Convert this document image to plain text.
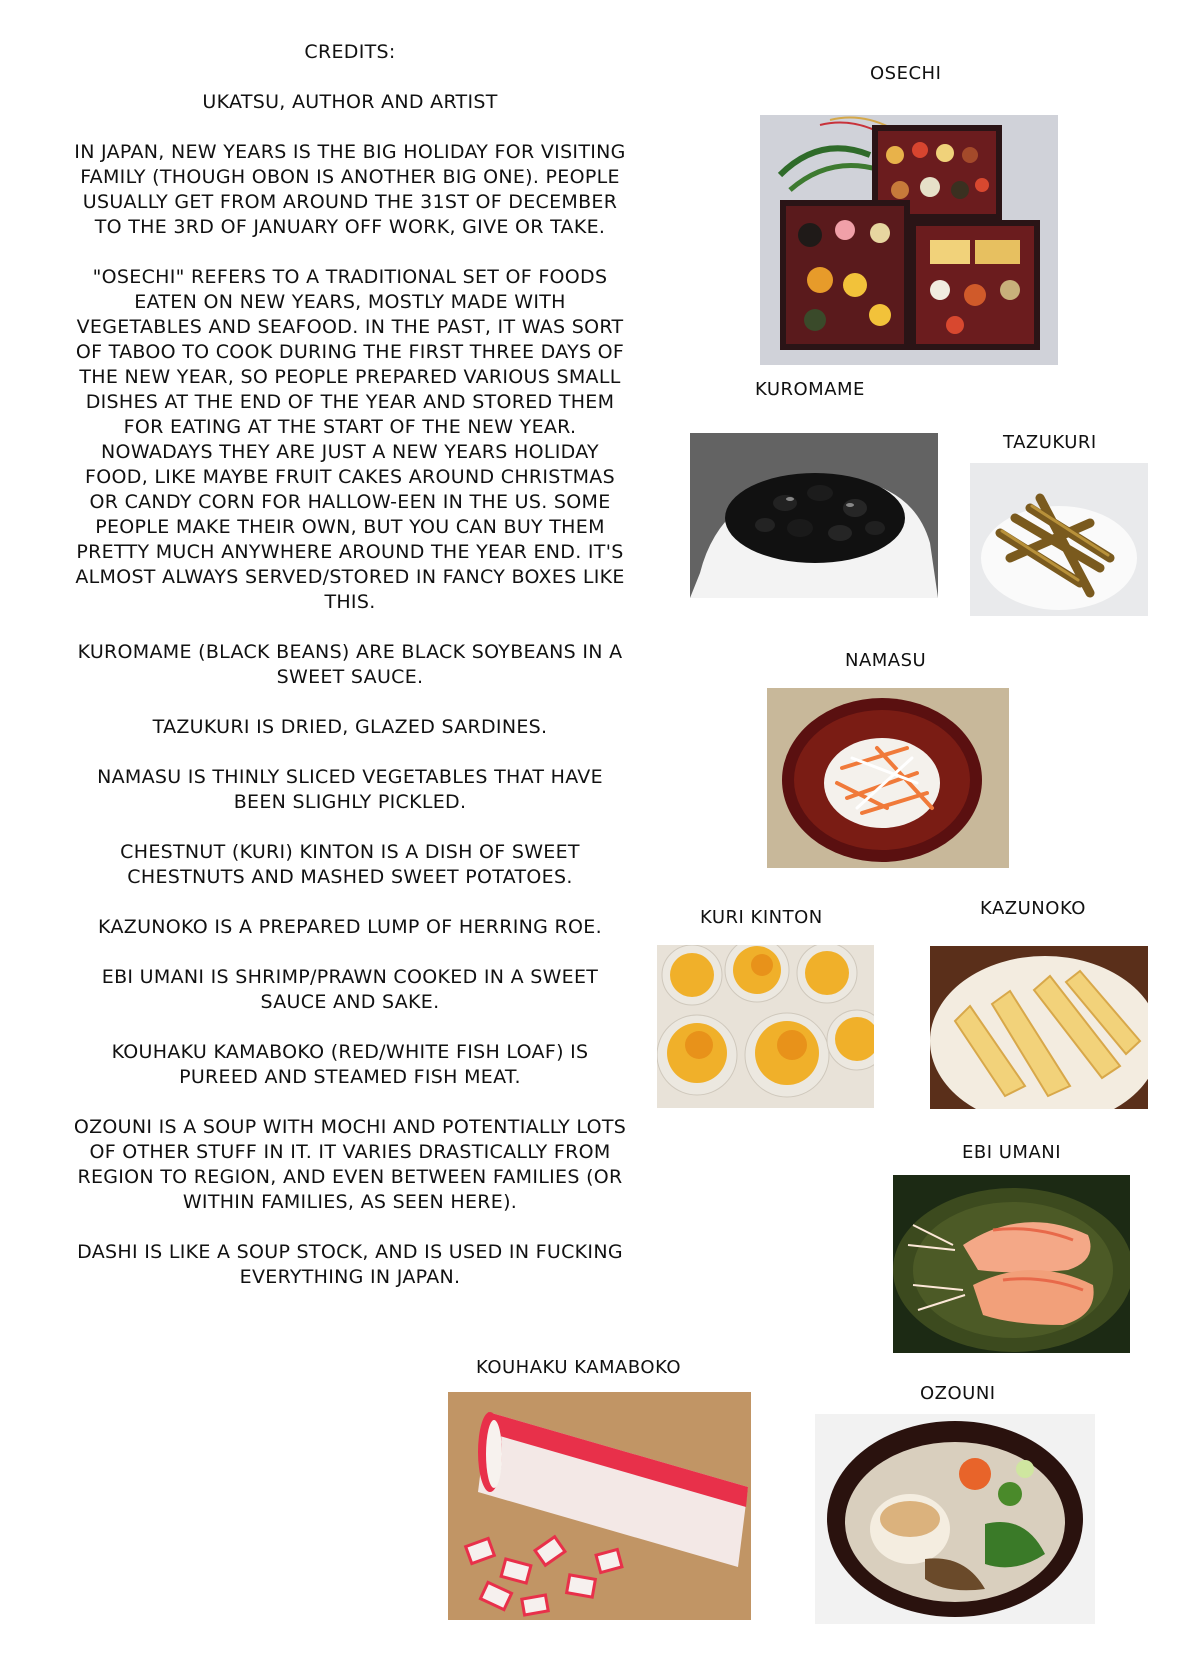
CREDITS:

UKATSU, AUTHOR AND ARTIST

IN JAPAN, NEW YEARS IS THE BIG HOLIDAY FOR VISITING FAMILY (THOUGH OBON IS ANOTHER BIG ONE). PEOPLE USUALLY GET FROM AROUND THE 31ST OF DECEMBER TO THE 3RD OF JANUARY OFF WORK, GIVE OR TAKE.

"OSECHI" REFERS TO A TRADITIONAL SET OF FOODS EATEN ON NEW YEARS, MOSTLY MADE WITH VEGETABLES AND SEAFOOD. IN THE PAST, IT WAS SORT OF TABOO TO COOK DURING THE FIRST THREE DAYS OF THE NEW YEAR, SO PEOPLE PREPARED VARIOUS SMALL DISHES AT THE END OF THE YEAR AND STORED THEM FOR EATING AT THE START OF THE NEW YEAR. NOWADAYS THEY ARE JUST A NEW YEARS HOLIDAY FOOD, LIKE MAYBE FRUIT CAKES AROUND CHRISTMAS OR CANDY CORN FOR HALLOW-EEN IN THE US. SOME PEOPLE MAKE THEIR OWN, BUT YOU CAN BUY THEM PRETTY MUCH ANYWHERE AROUND THE YEAR END. IT'S ALMOST ALWAYS SERVED/STORED IN FANCY BOXES LIKE THIS.

KUROMAME (BLACK BEANS) ARE BLACK SOYBEANS IN A SWEET SAUCE.

TAZUKURI IS DRIED, GLAZED SARDINES.

NAMASU IS THINLY SLICED VEGETABLES THAT HAVE BEEN SLIGHLY PICKLED.

CHESTNUT (KURI) KINTON IS A DISH OF SWEET CHESTNUTS AND MASHED SWEET POTATOES.

KAZUNOKO IS A PREPARED LUMP OF HERRING ROE.

EBI UMANI IS SHRIMP/PRAWN COOKED IN A SWEET SAUCE AND SAKE.

KOUHAKU KAMABOKO (RED/WHITE FISH LOAF) IS PUREED AND STEAMED FISH MEAT.

OZOUNI IS A SOUP WITH MOCHI AND POTENTIALLY LOTS OF OTHER STUFF IN IT. IT VARIES DRASTICALLY FROM REGION TO REGION, AND EVEN BETWEEN FAMILIES (OR WITHIN FAMILIES, AS SEEN HERE).

DASHI IS LIKE A SOUP STOCK, AND IS USED IN FUCKING EVERYTHING IN JAPAN.

OSECHI
KUROMAME
TAZUKURI
NAMASU
KURI KINTON	KAZUNOKO
EBI UMANI
KOUHAKU KAMABOKO
OZOUNI
